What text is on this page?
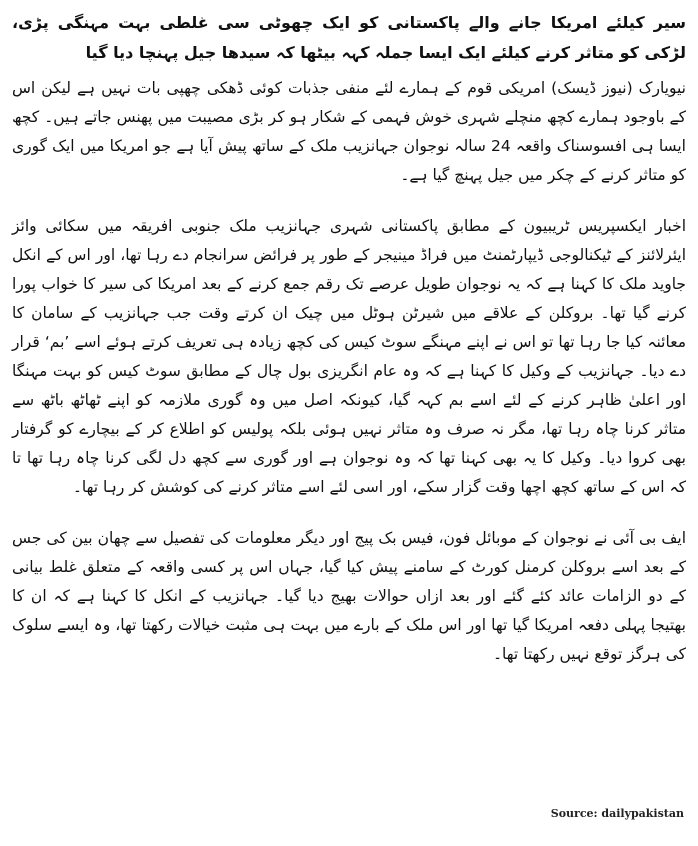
سیر کیلئے امریکا جانے والے پاکستانی کو ایک چھوٹی سی غلطی بہت مہنگی پڑی، لڑکی کو متاثر کرنے کیلئے ایک ایسا جملہ کہہ بیٹھا کہ سیدھا جیل پہنچا دیا گیا
نیویارک (نیوز ڈیسک) امریکی قوم کے ہمارے لئے منفی جذبات کوئی ڈھکی چھپی بات نہیں ہے لیکن اس کے باوجود ہمارے کچھ منچلے شہری خوش فہمی کے شکار ہو کر بڑی مصیبت میں پھنس جاتے ہیں۔ کچھ ایسا ہی افسوسناک واقعہ 24 سالہ نوجوان جہانزیب ملک کے ساتھ پیش آیا ہے جو امریکا میں ایک گوری کو متاثر کرنے کے چکر میں جیل پہنچ گیا ہے۔
اخبار ایکسپریس ٹریبیون کے مطابق پاکستانی شہری جہانزیب ملک جنوبی افریقہ میں سکائی وائز ایئرلائنز کے ٹیکنالوجی ڈیپارٹمنٹ میں فراڈ مینیجر کے طور پر فرائض سرانجام دے رہا تھا، اور اس کے انکل جاوید ملک کا کہنا ہے کہ یہ نوجوان طویل عرصے تک رقم جمع کرنے کے بعد امریکا کی سیر کا خواب پورا کرنے گیا تھا۔ بروکلن کے علاقے میں شیرٹن ہوٹل میں چیک ان کرتے وقت جب جہانزیب کے سامان کا معائنہ کیا جا رہا تھا تو اس نے اپنے مہنگے سوٹ کیس کی کچھ زیادہ ہی تعریف کرتے ہوئے اسے ’بم‘ قرار دے دیا۔ جہانزیب کے وکیل کا کہنا ہے کہ وہ عام انگریزی بول چال کے مطابق سوٹ کیس کو بہت مہنگا اور اعلیٰ ظاہر کرنے کے لئے اسے بم کہہ گیا، کیونکہ اصل میں وہ گوری ملازمہ کو اپنے ٹھاٹھ باٹھ سے متاثر کرنا چاہ رہا تھا، مگر نہ صرف وہ متاثر نہیں ہوئی بلکہ پولیس کو اطلاع کر کے بیچارے کو گرفتار بھی کروا دیا۔ وکیل کا یہ بھی کہنا تھا کہ وہ نوجوان ہے اور گوری سے کچھ دل لگی کرنا چاہ رہا تھا تا کہ اس کے ساتھ کچھ اچھا وقت گزار سکے، اور اسی لئے اسے متاثر کرنے کی کوشش کر رہا تھا۔
ایف بی آئی نے نوجوان کے موبائل فون، فیس بک پیج اور دیگر معلومات کی تفصیل سے چھان بین کی جس کے بعد اسے بروکلن کرمنل کورٹ کے سامنے پیش کیا گیا، جہاں اس پر کسی واقعہ کے متعلق غلط بیانی کے دو الزامات عائد کئے گئے اور بعد ازاں حوالات بھیج دیا گیا۔ جہانزیب کے انکل کا کہنا ہے کہ ان کا بھتیجا پہلی دفعہ امریکا گیا تھا اور اس ملک کے بارے میں بہت ہی مثبت خیالات رکھتا تھا، وہ ایسے سلوک کی ہرگز توقع نہیں رکھتا تھا۔
Source: dailypakistan
